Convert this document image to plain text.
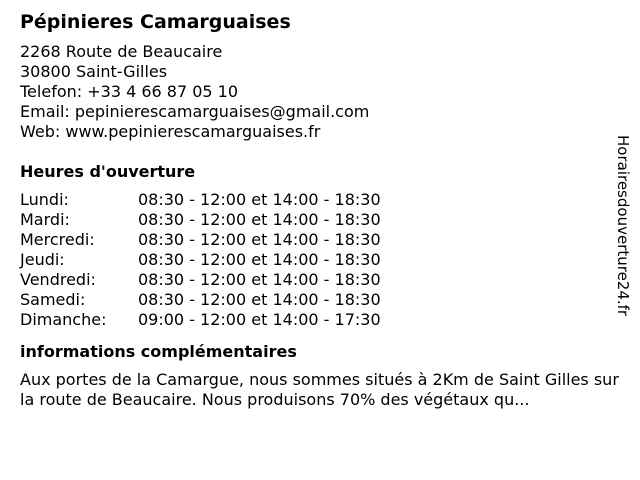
Pépinieres Camarguaises
2268 Route de Beaucaire
30800 Saint-Gilles
Telefon: +33 4 66 87 05 10
Email: pepinierescamarguaises@gmail.com
Web: www.pepinierescamarguaises.fr
Heures d'ouverture
Lundi:	08:30 - 12:00 et 14:00 - 18:30
Mardi:	08:30 - 12:00 et 14:00 - 18:30
Mercredi:	08:30 - 12:00 et 14:00 - 18:30
Jeudi:	08:30 - 12:00 et 14:00 - 18:30
Vendredi:	08:30 - 12:00 et 14:00 - 18:30
Samedi:	08:30 - 12:00 et 14:00 - 18:30
Dimanche:	09:00 - 12:00 et 14:00 - 17:30
informations complémentaires
Aux portes de la Camargue, nous sommes situés à 2Km de Saint Gilles sur la route de Beaucaire. Nous produisons 70% des végétaux qu...
Horairesdouverture24.fr
